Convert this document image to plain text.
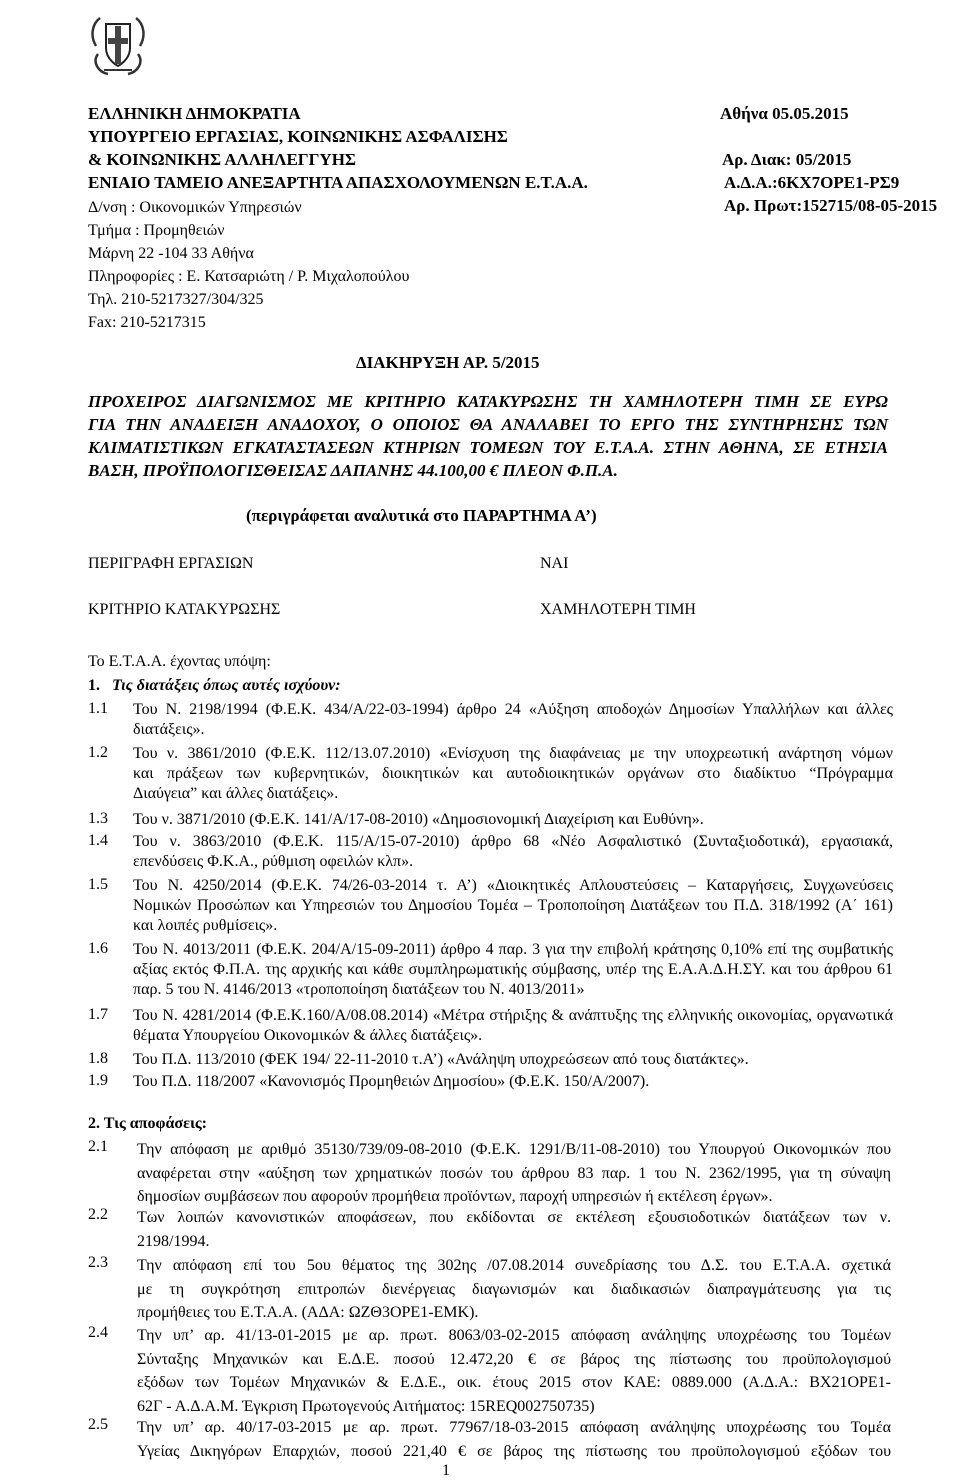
ΕΛΛΗΝΙΚΗ ΔΗΜΟΚΡΑΤΙΑ
ΥΠΟΥΡΓΕΙΟ ΕΡΓΑΣΙΑΣ, ΚΟΙΝΩΝΙΚΗΣ ΑΣΦΑΛΙΣΗΣ
& ΚΟΙΝΩΝΙΚΗΣ ΑΛΛΗΛΕΓΓΥΗΣ
ΕΝΙΑΙΟ ΤΑΜΕΙΟ ΑΝΕΞΑΡΤΗΤΑ ΑΠΑΣΧΟΛΟΥΜΕΝΩΝ Ε.Τ.Α.Α.
Δ/νση : Οικονομικών Υπηρεσιών
Τμήμα : Προμηθειών
Μάρνη 22 -104 33 Αθήνα
Πληροφορίες : Ε. Κατσαριώτη / Ρ. Μιχαλοπούλου
Τηλ. 210-5217327/304/325
Fax: 210-5217315
Αθήνα 05.05.2015
Αρ. Διακ: 05/2015
Α.Δ.Α.:6ΚΧ7ΟΡΕ1-ΡΣ9
Αρ. Πρωτ:152715/08-05-2015
ΔΙΑΚΗΡΥΞΗ ΑΡ. 5/2015
ΠΡΟΧΕΙΡΟΣ ΔΙΑΓΩΝΙΣΜΟΣ ΜΕ ΚΡΙΤΗΡΙΟ ΚΑΤΑΚΥΡΩΣΗΣ ΤΗ ΧΑΜΗΛΟΤΕΡΗ ΤΙΜΗ ΣΕ ΕΥΡΩ
ΓΙΑ ΤΗΝ ΑΝΑΔΕΙΞΗ ΑΝΑΔΟΧΟΥ, Ο ΟΠΟΙΟΣ ΘΑ ΑΝΑΛΑΒΕΙ ΤΟ ΕΡΓΟ ΤΗΣ ΣΥΝΤΗΡΗΣΗΣ ΤΩΝ
ΚΛΙΜΑΤΙΣΤΙΚΩΝ ΕΓΚΑΤΑΣΤΑΣΕΩΝ ΚΤΗΡΙΩΝ ΤΟΜΕΩΝ ΤΟΥ Ε.Τ.Α.Α. ΣΤΗΝ ΑΘΗΝΑ, ΣΕ ΕΤΗΣΙΑ
ΒΑΣΗ, ΠΡΟΫΠΟΛΟΓΙΣΘΕΙΣΑΣ ΔΑΠΑΝΗΣ 44.100,00 € ΠΛΕΟΝ Φ.Π.Α.
(περιγράφεται αναλυτικά στο ΠΑΡΑΡΤΗΜΑ Α’)
ΠΕΡΙΓΡΑΦΗ ΕΡΓΑΣΙΩΝ	ΝΑΙ
ΚΡΙΤΗΡΙΟ ΚΑΤΑΚΥΡΩΣΗΣ	ΧΑΜΗΛΟΤΕΡΗ ΤΙΜΗ
Το Ε.Τ.Α.Α. έχοντας υπόψη:
1. Τις διατάξεις όπως αυτές ισχύουν:
1.1 Του Ν. 2198/1994 (Φ.Ε.Κ. 434/Α/22-03-1994) άρθρο 24 «Αύξηση αποδοχών Δημοσίων Υπαλλήλων και άλλες
διατάξεις».
1.2 Του ν. 3861/2010 (Φ.Ε.Κ. 112/13.07.2010) «Ενίσχυση της διαφάνειας με την υποχρεωτική ανάρτηση νόμων
και πράξεων των κυβερνητικών, διοικητικών και αυτοδιοικητικών οργάνων στο διαδίκτυο “Πρόγραμμα
Διαύγεια” και άλλες διατάξεις».
1.3 Του ν. 3871/2010 (Φ.Ε.Κ. 141/Α/17-08-2010) «Δημοσιονομική Διαχείριση και Ευθύνη».
1.4 Του ν. 3863/2010 (Φ.Ε.Κ. 115/Α/15-07-2010) άρθρο 68 «Νέο Ασφαλιστικό (Συνταξιοδοτικά), εργασιακά,
επενδύσεις Φ.Κ.Α., ρύθμιση οφειλών κλπ».
1.5 Του Ν. 4250/2014 (Φ.Ε.Κ. 74/26-03-2014 τ. Α’) «Διοικητικές Απλουστεύσεις – Καταργήσεις, Συγχωνεύσεις
Νομικών Προσώπων και Υπηρεσιών του Δημοσίου Τομέα – Τροποποίηση Διατάξεων του Π.Δ. 318/1992 (Α΄ 161)
και λοιπές ρυθμίσεις».
1.6 Του Ν. 4013/2011 (Φ.Ε.Κ. 204/Α/15-09-2011) άρθρο 4 παρ. 3 για την επιβολή κράτησης 0,10% επί της συμβατικής
αξίας εκτός Φ.Π.Α. της αρχικής και κάθε συμπληρωματικής σύμβασης, υπέρ της Ε.Α.Α.Δ.Η.ΣΥ. και του άρθρου 61
παρ. 5 του Ν. 4146/2013 «τροποποίηση διατάξεων του Ν. 4013/2011»
1.7 Του Ν. 4281/2014 (Φ.Ε.Κ.160/Α/08.08.2014) «Μέτρα στήριξης & ανάπτυξης της ελληνικής οικονομίας, οργανωτικά
θέματα Υπουργείου Οικονομικών & άλλες διατάξεις».
1.8 Του Π.Δ. 113/2010 (ΦΕΚ 194/ 22-11-2010 τ.Α’) «Ανάληψη υποχρεώσεων από τους διατάκτες».
1.9 Του Π.Δ. 118/2007 «Κανονισμός Προμηθειών Δημοσίου» (Φ.Ε.Κ. 150/Α/2007).
2. Τις αποφάσεις:
2.1 Την απόφαση με αριθμό 35130/739/09-08-2010 (Φ.Ε.Κ. 1291/Β/11-08-2010) του Υπουργού Οικονομικών που
αναφέρεται στην «αύξηση των χρηματικών ποσών του άρθρου 83 παρ. 1 του Ν. 2362/1995, για τη σύναψη
δημοσίων συμβάσεων που αφορούν προμήθεια προϊόντων, παροχή υπηρεσιών ή εκτέλεση έργων».
2.2 Των λοιπών κανονιστικών αποφάσεων, που εκδίδονται σε εκτέλεση εξουσιοδοτικών διατάξεων των ν.
2198/1994.
2.3 Την απόφαση επί του 5ου θέματος της 302ης /07.08.2014 συνεδρίασης του Δ.Σ. του Ε.Τ.Α.Α. σχετικά
με τη συγκρότηση επιτροπών διενέργειας διαγωνισμών και διαδικασιών διαπραγμάτευσης για τις
προμήθειες του Ε.Τ.Α.Α. (ΑΔΑ: ΩΖΘ3ΟΡΕ1-ΕΜΚ).
2.4 Την υπ’ αρ. 41/13-01-2015 με αρ. πρωτ. 8063/03-02-2015 απόφαση ανάληψης υποχρέωσης του Τομέων
Σύνταξης Μηχανικών και Ε.Δ.Ε. ποσού 12.472,20 € σε βάρος της πίστωσης του προϋπολογισμού
εξόδων των Τομέων Μηχανικών & Ε.Δ.Ε., οικ. έτους 2015 στον ΚΑΕ: 0889.000 (Α.Δ.Α.: ΒΧ21ΟΡΕ1-
62Γ - Α.Δ.Α.Μ. Έγκριση Πρωτογενούς Αιτήματος: 15REQ002750735)
2.5 Την υπ’ αρ. 40/17-03-2015 με αρ. πρωτ. 77967/18-03-2015 απόφαση ανάληψης υποχρέωσης του Τομέα
Υγείας Δικηγόρων Επαρχιών, ποσού 221,40 € σε βάρος της πίστωσης του προϋπολογισμού εξόδων του
1
